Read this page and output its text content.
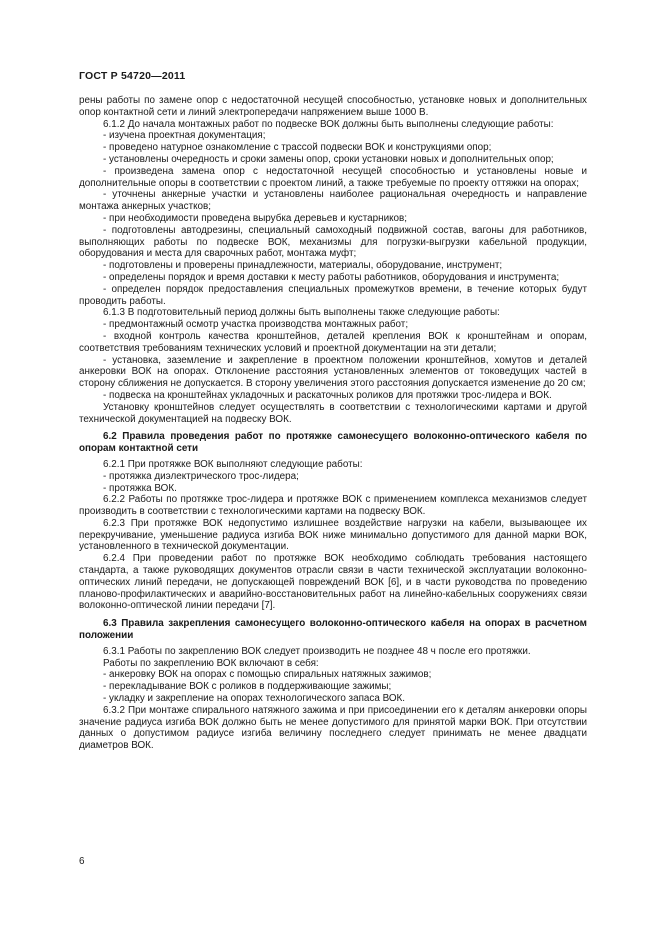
ГОСТ Р 54720—2011

рены работы по замене опор с недостаточной несущей способностью, установке новых и дополнительных опор контактной сети и линий электропередачи напряжением выше 1000 В.

6.1.2 До начала монтажных работ по подвеске ВОК должны быть выполнены следующие работы:

- изучена проектная документация;

- проведено натурное ознакомление с трассой подвески ВОК и конструкциями опор;

- установлены очередность и сроки замены опор, сроки установки новых и дополнительных опор;

- произведена замена опор с недостаточной несущей способностью и установлены новые и дополнительные опоры в соответствии с проектом линий, а также требуемые по проекту оттяжки на опорах;

- уточнены анкерные участки и установлены наиболее рациональная очередность и направление монтажа анкерных участков;

- при необходимости проведена вырубка деревьев и кустарников;

- подготовлены автодрезины, специальный самоходный подвижной состав, вагоны для работников, выполняющих работы по подвеске ВОК, механизмы для погрузки-выгрузки кабельной продукции, оборудования и места для сварочных работ, монтажа муфт;

- подготовлены и проверены принадлежности, материалы, оборудование, инструмент;

- определены порядок и время доставки к месту работы работников, оборудования и инструмента;

- определен порядок предоставления специальных промежутков времени, в течение которых будут проводить работы.

6.1.3 В подготовительный период должны быть выполнены также следующие работы:

- предмонтажный осмотр участка производства монтажных работ;

- входной контроль качества кронштейнов, деталей крепления ВОК к кронштейнам и опорам, соответствия требованиям технических условий и проектной документации на эти детали;

- установка, заземление и закрепление в проектном положении кронштейнов, хомутов и деталей анкеровки ВОК на опорах. Отклонение расстояния установленных элементов от токоведущих частей в сторону сближения не допускается. В сторону увеличения этого расстояния допускается изменение до 20 см;

- подвеска на кронштейнах укладочных и раскаточных роликов для протяжки трос-лидера и ВОК.

Установку кронштейнов следует осуществлять в соответствии с технологическими картами и другой технической документацией на подвеску ВОК.

6.2 Правила проведения работ по протяжке самонесущего волоконно-оптического кабеля по опорам контактной сети

6.2.1 При протяжке ВОК выполняют следующие работы:

- протяжка диэлектрического трос-лидера;

- протяжка ВОК.

6.2.2 Работы по протяжке трос-лидера и протяжке ВОК с применением комплекса механизмов следует производить в соответствии с технологическими картами на подвеску ВОК.

6.2.3 При протяжке ВОК недопустимо излишнее воздействие нагрузки на кабели, вызывающее их перекручивание, уменьшение радиуса изгиба ВОК ниже минимально допустимого для данной марки ВОК, установленного в технической документации.

6.2.4 При проведении работ по протяжке ВОК необходимо соблюдать требования настоящего стандарта, а также руководящих документов отрасли связи в части технической эксплуатации волоконно-оптических линий передачи, не допускающей повреждений ВОК [6], и в части руководства по проведению планово-профилактических и аварийно-восстановительных работ на линейно-кабельных сооружениях связи волоконно-оптической линии передачи [7].

6.3 Правила закрепления самонесущего волоконно-оптического кабеля на опорах в расчетном положении

6.3.1 Работы по закреплению ВОК следует производить не позднее 48 ч после его протяжки.

Работы по закреплению ВОК включают в себя:

- анкеровку ВОК на опорах с помощью спиральных натяжных зажимов;

- перекладывание ВОК с роликов в поддерживающие зажимы;

- укладку и закрепление на опорах технологического запаса ВОК.

6.3.2 При монтаже спирального натяжного зажима и при присоединении его к деталям анкеровки опоры значение радиуса изгиба ВОК должно быть не менее допустимого для принятой марки ВОК. При отсутствии данных о допустимом радиусе изгиба величину последнего следует принимать не менее двадцати диаметров ВОК.

6
